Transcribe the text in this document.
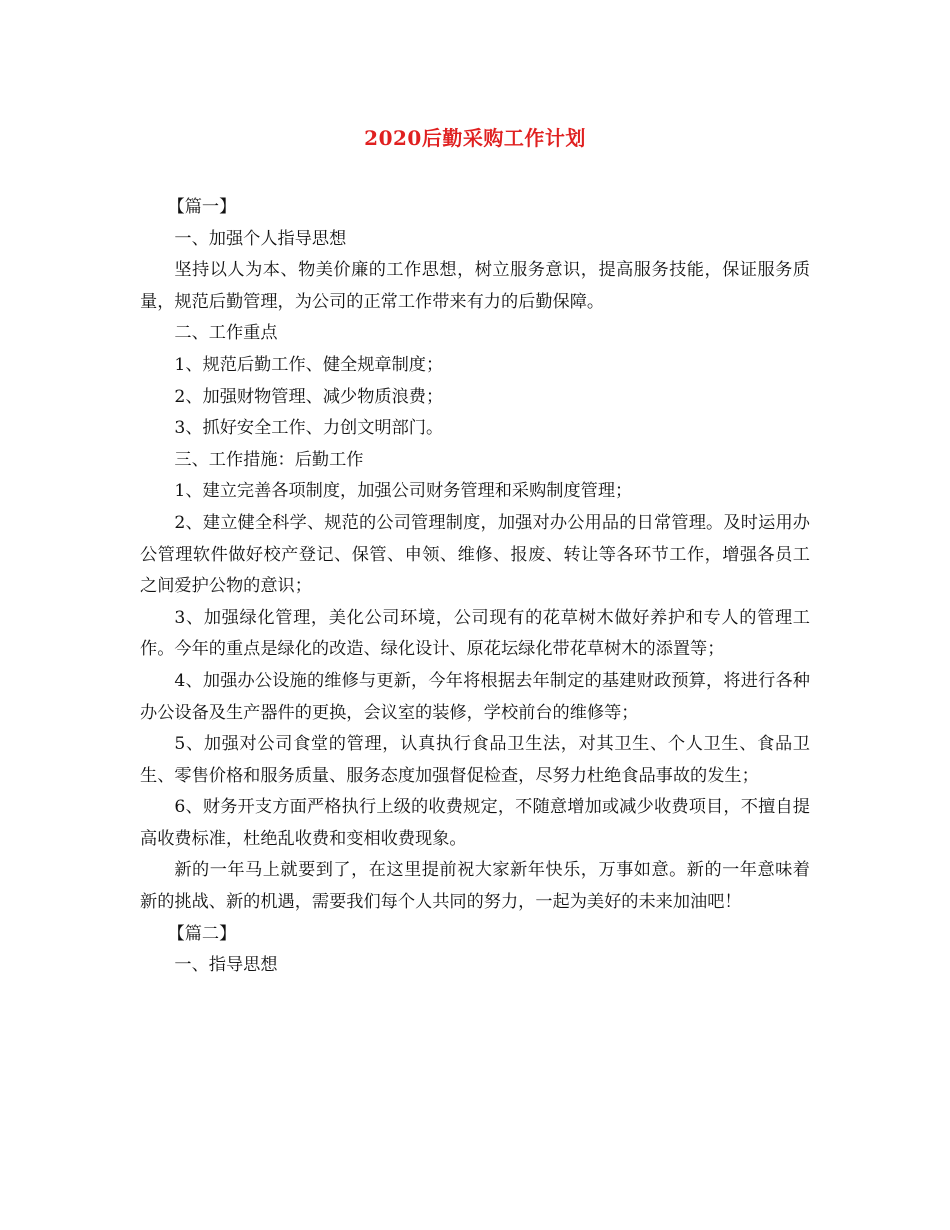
2020后勤采购工作计划

【篇一】

一、加强个人指导思想

坚持以人为本、物美价廉的工作思想，树立服务意识，提高服务技能，保证服务质量，规范后勤管理，为公司的正常工作带来有力的后勤保障。

二、工作重点

1、规范后勤工作、健全规章制度；

2、加强财物管理、减少物质浪费；

3、抓好安全工作、力创文明部门。

三、工作措施：后勤工作

1、建立完善各项制度，加强公司财务管理和采购制度管理；

2、建立健全科学、规范的公司管理制度，加强对办公用品的日常管理。及时运用办公管理软件做好校产登记、保管、申领、维修、报废、转让等各环节工作，增强各员工之间爱护公物的意识；

3、加强绿化管理，美化公司环境，公司现有的花草树木做好养护和专人的管理工作。今年的重点是绿化的改造、绿化设计、原花坛绿化带花草树木的添置等；

4、加强办公设施的维修与更新，今年将根据去年制定的基建财政预算，将进行各种办公设备及生产器件的更换，会议室的装修，学校前台的维修等；

5、加强对公司食堂的管理，认真执行食品卫生法，对其卫生、个人卫生、食品卫生、零售价格和服务质量、服务态度加强督促检查，尽努力杜绝食品事故的发生；

6、财务开支方面严格执行上级的收费规定，不随意增加或减少收费项目，不擅自提高收费标准，杜绝乱收费和变相收费现象。

新的一年马上就要到了，在这里提前祝大家新年快乐，万事如意。新的一年意味着新的挑战、新的机遇，需要我们每个人共同的努力，一起为美好的未来加油吧！

【篇二】

一、指导思想
